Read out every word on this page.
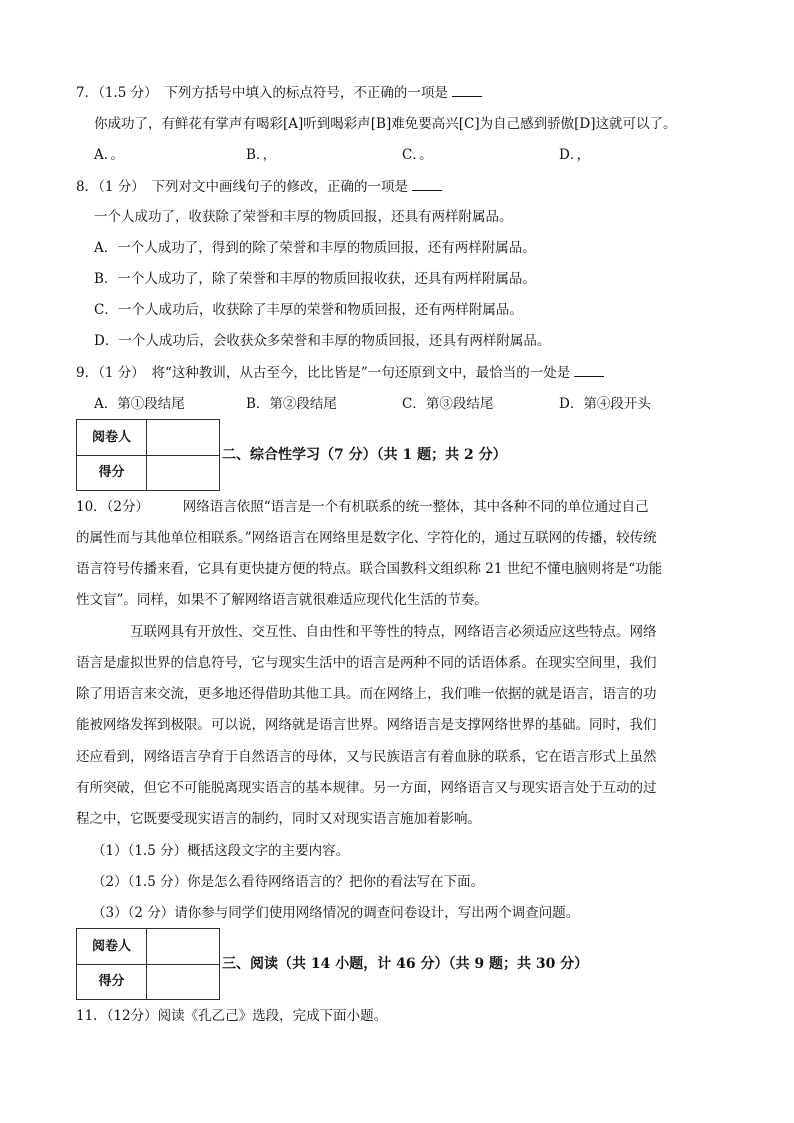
7．（1.5 分）　下列方括号中填入的标点符号，不正确的一项是
你成功了，有鲜花有掌声有喝彩[A]听到喝彩声[B]难免要高兴[C]为自己感到骄傲[D]这就可以了。
A．。	B．，	C．。	D．，
8．（1 分）　下列对文中画线句子的修改，正确的一项是
一个人成功了，收获除了荣誉和丰厚的物质回报，还具有两样附属品。
A．一个人成功了，得到的除了荣誉和丰厚的物质回报，还有两样附属品。
B．一个人成功了，除了荣誉和丰厚的物质回报收获，还具有两样附属品。
C．一个人成功后，收获除了丰厚的荣誉和物质回报，还有两样附属品。
D．一个人成功后，会收获众多荣誉和丰厚的物质回报，还具有两样附属品。
9．（1 分）　将“这种教训，从古至今，比比皆是”一句还原到文中，最恰当的一处是
A．第①段结尾	B．第②段结尾	C．第③段结尾	D．第④段开头
阅卷人
得分
二、综合性学习（7 分）（共 1 题；共 2 分）
10．（2分）　　　网络语言依照“语言是一个有机联系的统一整体，其中各种不同的单位通过自己
的属性而与其他单位相联系。”网络语言在网络里是数字化、字符化的，通过互联网的传播，较传统
语言符号传播来看，它具有更快捷方便的特点。联合国教科文组织称 21 世纪不懂电脑则将是“功能
性文盲”。同样，如果不了解网络语言就很难适应现代化生活的节奏。
　　　　互联网具有开放性、交互性、自由性和平等性的特点，网络语言必须适应这些特点。网络
语言是虚拟世界的信息符号，它与现实生活中的语言是两种不同的话语体系。在现实空间里，我们
除了用语言来交流，更多地还得借助其他工具。而在网络上，我们唯一依据的就是语言，语言的功
能被网络发挥到极限。可以说，网络就是语言世界。网络语言是支撑网络世界的基础。同时，我们
还应看到，网络语言孕育于自然语言的母体，又与民族语言有着血脉的联系，它在语言形式上虽然
有所突破，但它不可能脱离现实语言的基本规律。另一方面，网络语言又与现实语言处于互动的过
程之中，它既要受现实语言的制约，同时又对现实语言施加着影响。
（1）（1.5 分）概括这段文字的主要内容。
（2）（1.5 分）你是怎么看待网络语言的？把你的看法写在下面。
（3）（2 分）请你参与同学们使用网络情况的调查问卷设计，写出两个调查问题。
阅卷人
得分
三、阅读（共 14 小题，计 46 分）（共 9 题；共 30 分）
11．（12分）阅读《孔乙己》选段，完成下面小题。
